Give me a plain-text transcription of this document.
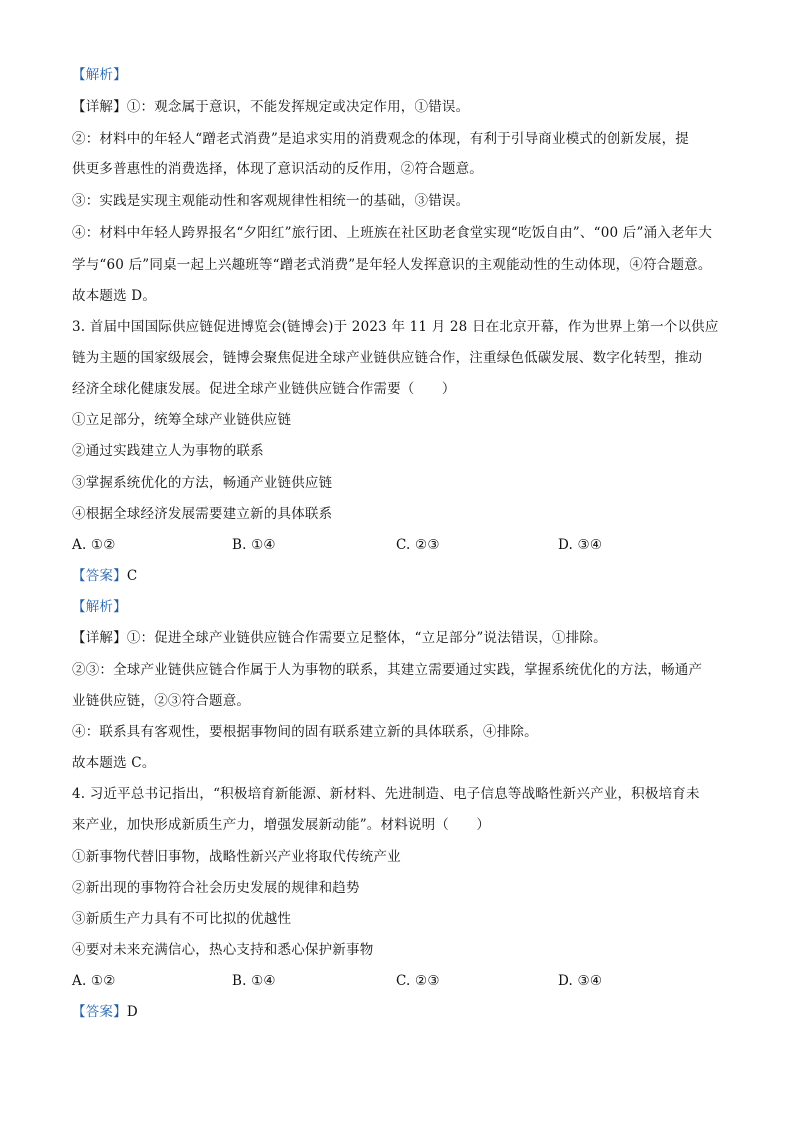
【解析】
【详解】①：观念属于意识，不能发挥规定或决定作用，①错误。
②：材料中的年轻人“蹭老式消费”是追求实用的消费观念的体现，有利于引导商业模式的创新发展，提
供更多普惠性的消费选择，体现了意识活动的反作用，②符合题意。
③：实践是实现主观能动性和客观规律性相统一的基础，③错误。
④：材料中年轻人跨界报名“夕阳红”旅行团、上班族在社区助老食堂实现“吃饭自由”、“00 后”涌入老年大
学与“60 后”同桌一起上兴趣班等“蹭老式消费”是年轻人发挥意识的主观能动性的生动体现，④符合题意。
故本题选 D。
3. 首届中国国际供应链促进博览会(链博会)于 2023 年 11 月 28 日在北京开幕，作为世界上第一个以供应
链为主题的国家级展会，链博会聚焦促进全球产业链供应链合作，注重绿色低碳发展、数字化转型，推动
经济全球化健康发展。促进全球产业链供应链合作需要（　　）
①立足部分，统筹全球产业链供应链
②通过实践建立人为事物的联系
③掌握系统优化的方法，畅通产业链供应链
④根据全球经济发展需要建立新的具体联系
A. ①②	B. ①④	C. ②③	D. ③④
【答案】C
【解析】
【详解】①：促进全球产业链供应链合作需要立足整体，“立足部分”说法错误，①排除。
②③：全球产业链供应链合作属于人为事物的联系，其建立需要通过实践，掌握系统优化的方法，畅通产
业链供应链，②③符合题意。
④：联系具有客观性，要根据事物间的固有联系建立新的具体联系，④排除。
故本题选 C。
4. 习近平总书记指出，“积极培育新能源、新材料、先进制造、电子信息等战略性新兴产业，积极培育未
来产业，加快形成新质生产力，增强发展新动能”。材料说明（　　）
①新事物代替旧事物，战略性新兴产业将取代传统产业
②新出现的事物符合社会历史发展的规律和趋势
③新质生产力具有不可比拟的优越性
④要对未来充满信心，热心支持和悉心保护新事物
A. ①②	B. ①④	C. ②③	D. ③④
【答案】D
